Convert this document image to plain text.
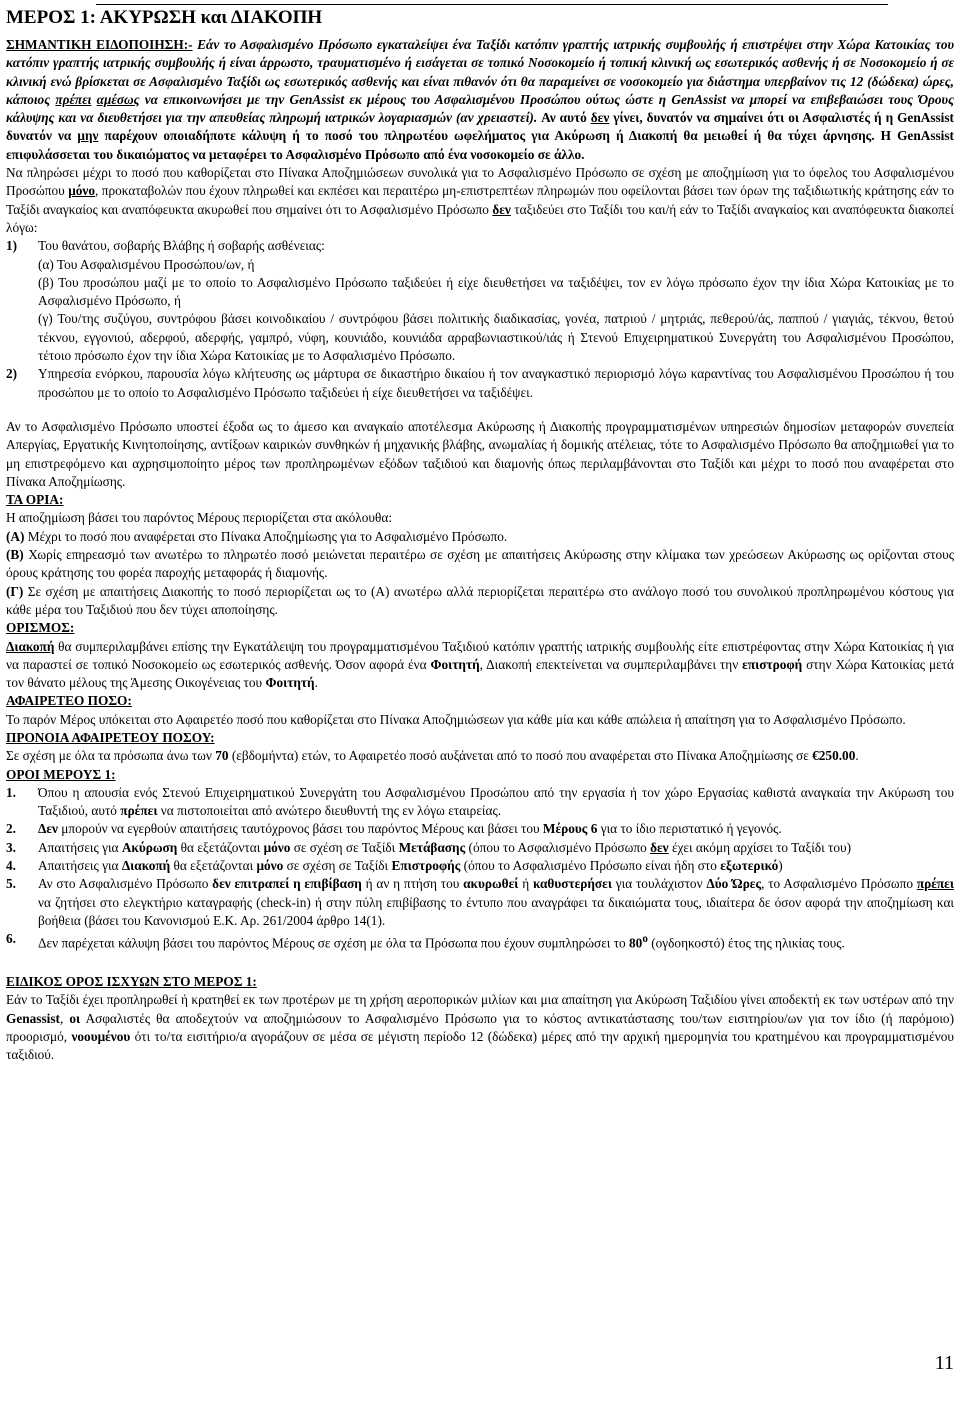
ΜΕΡΟΣ 1: ΑΚΥΡΩΣΗ και ΔΙΑΚΟΠΗ

ΣΗΜΑΝΤΙΚΗ ΕΙΔΟΠΟΙΗΣΗ:- Εάν το Ασφαλισμένο Πρόσωπο εγκαταλείψει ένα Ταξίδι κατόπιν γραπτής ιατρικής συμβουλής ή επιστρέψει στην Χώρα Κατοικίας του κατόπιν γραπτής ιατρικής συμβουλής ή είναι άρρωστο, τραυματισμένο ή εισάγεται σε τοπικό Νοσοκομείο ή τοπική κλινική ως εσωτερικός ασθενής ή σε Νοσοκομείο ή σε κλινική ενώ βρίσκεται σε Ασφαλισμένο Ταξίδι ως εσωτερικός ασθενής και είναι πιθανόν ότι θα παραμείνει σε νοσοκομείο για διάστημα υπερβαίνον τις 12 (δώδεκα) ώρες, κάποιος πρέπει αμέσως να επικοινωνήσει με την GenAssist εκ μέρους του Ασφαλισμένου Προσώπου ούτως ώστε η GenAssist να μπορεί να επιβεβαιώσει τους Όρους κάλυψης και να διευθετήσει για την απευθείας πληρωμή ιατρικών λογαριασμών (αν χρειαστεί). Αν αυτό δεν γίνει, δυνατόν να σημαίνει ότι οι Ασφαλιστές ή η GenAssist δυνατόν να μην παρέχουν οποιαδήποτε κάλυψη ή το ποσό του πληρωτέου ωφελήματος για Ακύρωση ή Διακοπή θα μειωθεί ή θα τύχει άρνησης. Η GenAssist επιφυλάσσεται του δικαιώματος να μεταφέρει το Ασφαλισμένο Πρόσωπο από ένα νοσοκομείο σε άλλο.

Να πληρώσει μέχρι το ποσό που καθορίζεται στο Πίνακα Αποζημιώσεων συνολικά για το Ασφαλισμένο Πρόσωπο σε σχέση με αποζημίωση για το όφελος του Ασφαλισμένου Προσώπου μόνο, προκαταβολών που έχουν πληρωθεί και εκπέσει και περαιτέρω μη-επιστρεπτέων πληρωμών που οφείλονται βάσει των όρων της ταξιδιωτικής κράτησης εάν το Ταξίδι αναγκαίος και αναπόφευκτα ακυρωθεί που σημαίνει ότι το Ασφαλισμένο Πρόσωπο δεν ταξιδεύει στο Ταξίδι του και/ή εάν το Ταξίδι αναγκαίος και αναπόφευκτα διακοπεί λόγω:

1)	Του θανάτου, σοβαρής Βλάβης ή σοβαρής ασθένειας:

(α) Του Ασφαλισμένου Προσώπου/ων, ή

(β) Του προσώπου μαζί με το οποίο το Ασφαλισμένο Πρόσωπο ταξιδεύει ή είχε διευθετήσει να ταξιδέψει, τον εν λόγω πρόσωπο έχον την ίδια Χώρα Κατοικίας με το Ασφαλισμένο Πρόσωπο, ή

(γ) Του/της συζύγου, συντρόφου βάσει κοινοδικαίου / συντρόφου βάσει πολιτικής διαδικασίας, γονέα, πατριού / μητριάς, πεθερού/άς, παππού / γιαγιάς, τέκνου, θετού τέκνου, εγγονιού, αδερφού, αδερφής, γαμπρό, νύφη, κουνιάδο, κουνιάδα αρραβωνιαστικού/ιάς ή Στενού Επιχειρηματικού Συνεργάτη του Ασφαλισμένου Προσώπου, τέτοιο πρόσωπο έχον την ίδια Χώρα Κατοικίας με το Ασφαλισμένο Πρόσωπο.

2)	Υπηρεσία ενόρκου, παρουσία λόγω κλήτευσης ως μάρτυρα σε δικαστήριο δικαίου ή τον αναγκαστικό περιορισμό λόγω καραντίνας του Ασφαλισμένου Προσώπου ή του προσώπου με το οποίο το Ασφαλισμένο Πρόσωπο ταξιδεύει ή είχε διευθετήσει να ταξιδέψει.

Αν το Ασφαλισμένο Πρόσωπο υποστεί έξοδα ως το άμεσο και αναγκαίο αποτέλεσμα Ακύρωσης ή Διακοπής προγραμματισμένων υπηρεσιών δημοσίων μεταφορών συνεπεία Απεργίας, Εργατικής Κινητοποίησης, αντίξοων καιρικών συνθηκών ή μηχανικής βλάβης, ανωμαλίας ή δομικής ατέλειας, τότε το Ασφαλισμένο Πρόσωπο θα αποζημιωθεί για το μη επιστρεφόμενο και αχρησιμοποίητο μέρος των προπληρωμένων εξόδων ταξιδιού και διαμονής όπως περιλαμβάνονται στο Ταξίδι και μέχρι το ποσό που αναφέρεται στο Πίνακα Αποζημίωσης.

ΤΑ ΟΡΙΑ:

Η αποζημίωση βάσει του παρόντος Μέρους περιορίζεται στα ακόλουθα:

(Α) Μέχρι το ποσό που αναφέρεται στο Πίνακα Αποζημίωσης για το Ασφαλισμένο Πρόσωπο.

(Β) Χωρίς επηρεασμό των ανωτέρω το πληρωτέο ποσό μειώνεται περαιτέρω σε σχέση με απαιτήσεις Ακύρωσης στην κλίμακα των χρεώσεων Ακύρωσης ως ορίζονται στους όρους κράτησης του φορέα παροχής μεταφοράς ή διαμονής.

(Γ) Σε σχέση με απαιτήσεις Διακοπής το ποσό περιορίζεται ως το (Α) ανωτέρω αλλά περιορίζεται περαιτέρω στο ανάλογο ποσό του συνολικού προπληρωμένου κόστους για κάθε μέρα του Ταξιδιού που δεν τύχει αποποίησης.

ΟΡΙΣΜΟΣ:

Διακοπή θα συμπεριλαμβάνει επίσης την Εγκατάλειψη του προγραμματισμένου Ταξιδιού κατόπιν γραπτής ιατρικής συμβουλής είτε επιστρέφοντας στην Χώρα Κατοικίας ή για να παραστεί σε τοπικό Νοσοκομείο ως εσωτερικός ασθενής. Όσον αφορά ένα Φοιτητή, Διακοπή επεκτείνεται να συμπεριλαμβάνει την επιστροφή στην Χώρα Κατοικίας μετά τον θάνατο μέλους της Άμεσης Οικογένειας του Φοιτητή.

ΑΦΑΙΡΕΤΕΟ ΠΟΣΟ:

Το παρόν Μέρος υπόκειται στο Αφαιρετέο ποσό που καθορίζεται στο Πίνακα Αποζημιώσεων για κάθε μία και κάθε απώλεια ή απαίτηση για το Ασφαλισμένο Πρόσωπο.

ΠΡΟΝΟΙΑ ΑΦΑΙΡΕΤΕΟΥ ΠΟΣΟΥ:

Σε σχέση με όλα τα πρόσωπα άνω των 70 (εβδομήντα) ετών, το Αφαιρετέο ποσό αυξάνεται από το ποσό που αναφέρεται στο Πίνακα Αποζημίωσης σε €250.00.

ΟΡΟΙ ΜΕΡΟΥΣ 1:

1.	Όπου η απουσία ενός Στενού Επιχειρηματικού Συνεργάτη του Ασφαλισμένου Προσώπου από την εργασία ή τον χώρο Εργασίας καθιστά αναγκαία την Ακύρωση του Ταξιδιού, αυτό πρέπει να πιστοποιείται από ανώτερο διευθυντή της εν λόγω εταιρείας.

2.	Δεν μπορούν να εγερθούν απαιτήσεις ταυτόχρονος βάσει του παρόντος Μέρους και βάσει του Μέρους 6 για το ίδιο περιστατικό ή γεγονός.

3.	Απαιτήσεις για Ακύρωση θα εξετάζονται μόνο σε σχέση σε Ταξίδι Μετάβασης (όπου το Ασφαλισμένο Πρόσωπο δεν έχει ακόμη αρχίσει το Ταξίδι του)

4.	Απαιτήσεις για Διακοπή θα εξετάζονται μόνο σε σχέση σε Ταξίδι Επιστροφής (όπου το Ασφαλισμένο Πρόσωπο είναι ήδη στο εξωτερικό)

5.	Αν στο Ασφαλισμένο Πρόσωπο δεν επιτραπεί η επιβίβαση ή αν η πτήση του ακυρωθεί ή καθυστερήσει για τουλάχιστον Δύο Ώρες, το Ασφαλισμένο Πρόσωπο πρέπει να ζητήσει στο ελεγκτήριο καταγραφής (check-in) ή στην πύλη επιβίβασης το έντυπο που αναγράφει τα δικαιώματα τους, ιδιαίτερα δε όσον αφορά την αποζημίωση και βοήθεια (βάσει του Κανονισμού Ε.Κ. Αρ. 261/2004 άρθρο 14(1).

6.	Δεν παρέχεται κάλυψη βάσει του παρόντος Μέρους σε σχέση με όλα τα Πρόσωπα που έχουν συμπληρώσει το $80^o$ (ογδοηκοστό) έτος της ηλικίας τους.

ΕΙΔΙΚΟΣ ΟΡΟΣ ΙΣΧΥΩΝ ΣΤΟ ΜΕΡΟΣ 1:

Εάν το Ταξίδι έχει προπληρωθεί ή κρατηθεί εκ των προτέρων με τη χρήση αεροπορικών μιλίων και μια απαίτηση για Ακύρωση Ταξιδίου γίνει αποδεκτή εκ των υστέρων από την Genassist, οι Ασφαλιστές θα αποδεχτούν να αποζημιώσουν το Ασφαλισμένο Πρόσωπο για το κόστος αντικατάστασης του/των εισιτηρίου/ων για τον ίδιο (ή παρόμοιο) προορισμό, νοουμένου ότι το/τα εισιτήριο/α αγοράζουν σε μέσα σε μέγιστη περίοδο 12 (δώδεκα) μέρες από την αρχική ημερομηνία του κρατημένου και προγραμματισμένου ταξιδιού.

11
